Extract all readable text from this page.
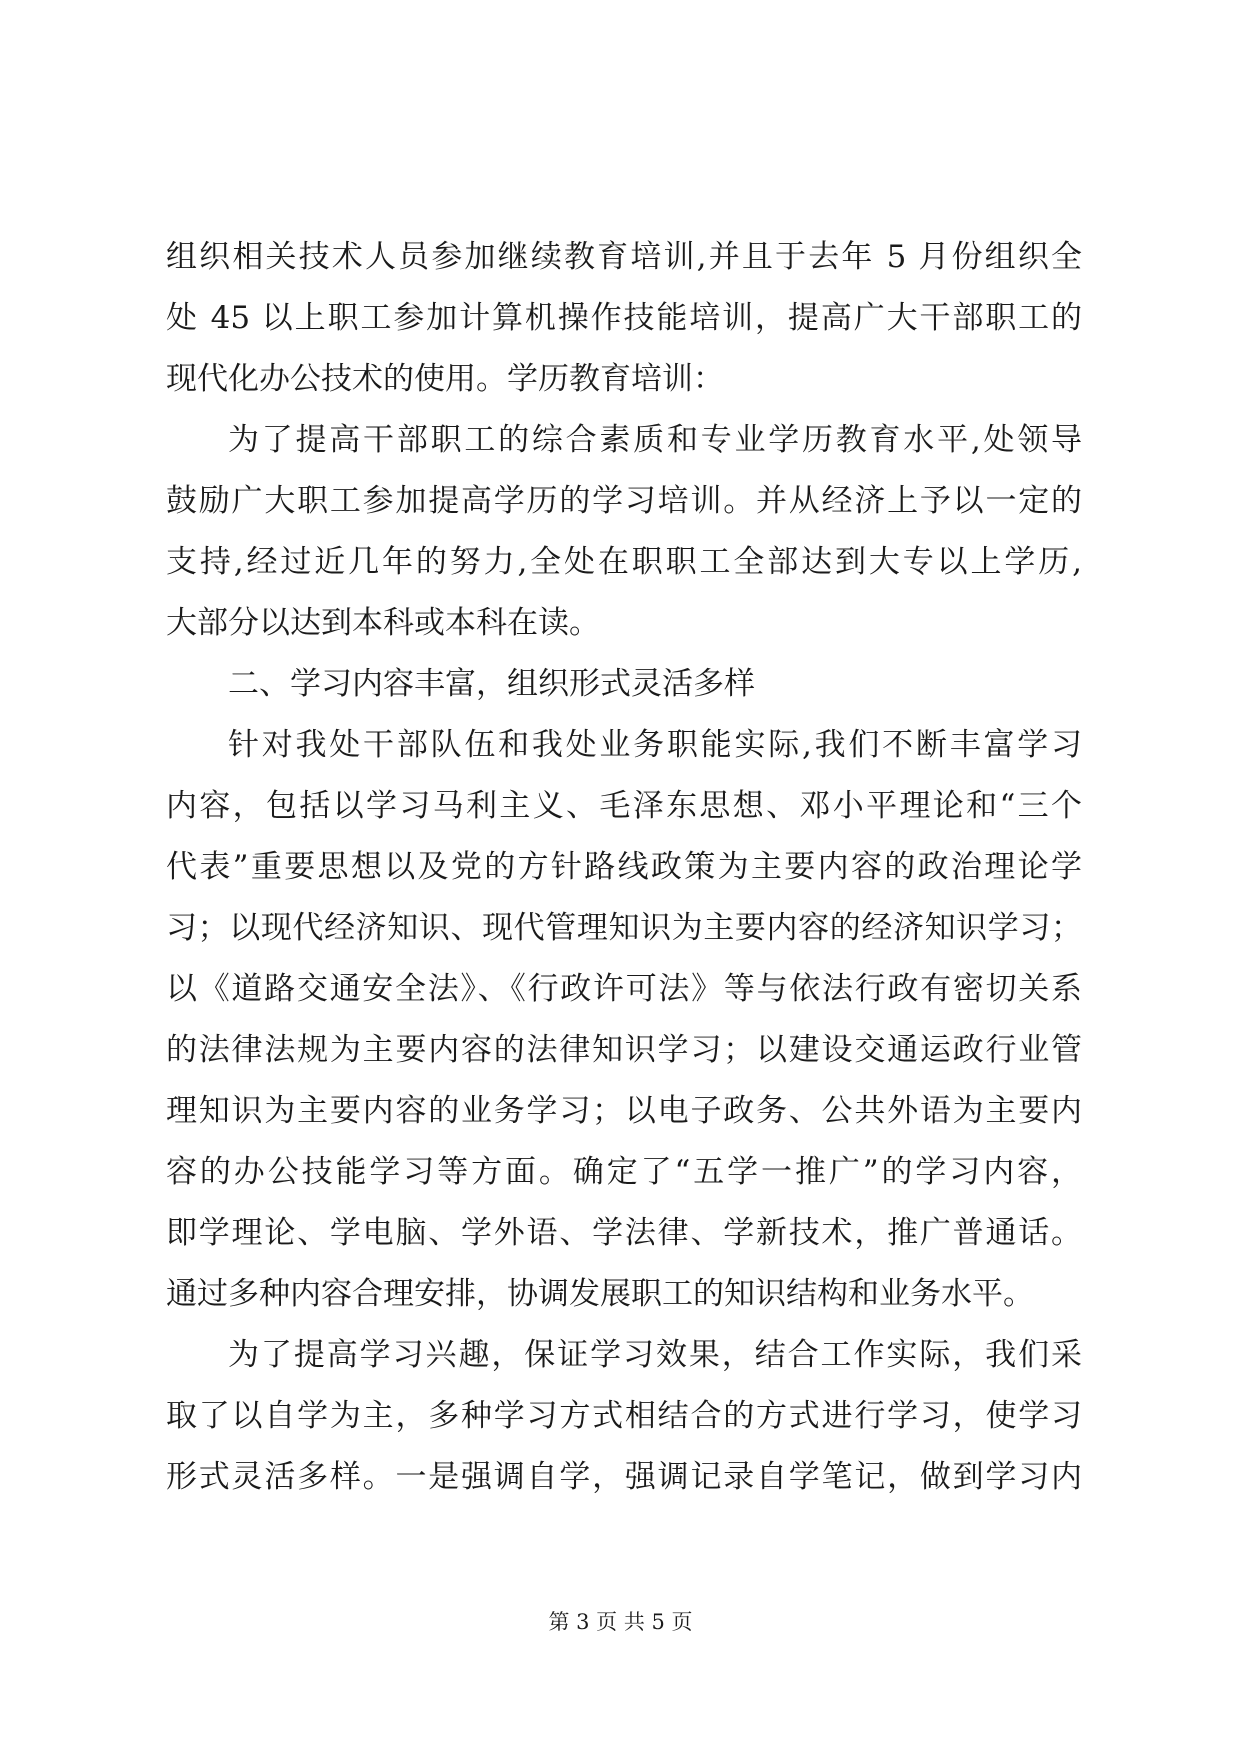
组织相关技术人员参加继续教育培训,并且于去年 5 月份组织全
处 45 以上职工参加计算机操作技能培训，提高广大干部职工的
现代化办公技术的使用。学历教育培训：
为了提高干部职工的综合素质和专业学历教育水平,处领导
鼓励广大职工参加提高学历的学习培训。并从经济上予以一定的
支持,经过近几年的努力,全处在职职工全部达到大专以上学历,
大部分以达到本科或本科在读。
二、学习内容丰富，组织形式灵活多样
针对我处干部队伍和我处业务职能实际,我们不断丰富学习
内容，包括以学习马利主义、毛泽东思想、邓小平理论和“三个
代表”重要思想以及党的方针路线政策为主要内容的政治理论学
习；以现代经济知识、现代管理知识为主要内容的经济知识学习；
以《道路交通安全法》、《行政许可法》等与依法行政有密切关系
的法律法规为主要内容的法律知识学习；以建设交通运政行业管
理知识为主要内容的业务学习；以电子政务、公共外语为主要内
容的办公技能学习等方面。确定了“五学一推广”的学习内容，
即学理论、学电脑、学外语、学法律、学新技术，推广普通话。
通过多种内容合理安排，协调发展职工的知识结构和业务水平。
为了提高学习兴趣，保证学习效果，结合工作实际，我们采
取了以自学为主，多种学习方式相结合的方式进行学习，使学习
形式灵活多样。一是强调自学，强调记录自学笔记，做到学习内
第 3 页 共 5 页
